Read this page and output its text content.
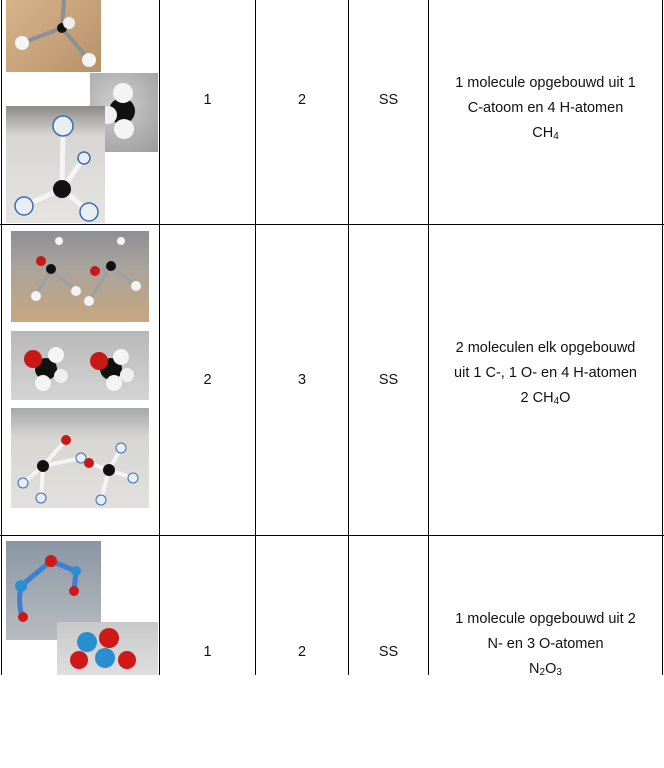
1	2	SS
1 molecule opgebouwd uit 1
C-atoom en 4 H-atomen
$CH_4$
2	3	SS
2 moleculen elk opgebouwd
uit 1 C-, 1 O- en 4 H-atomen
2 $CH_4O$
1	2	SS
1 molecule opgebouwd uit 2
N- en 3 O-atomen
$N_2O_3$
